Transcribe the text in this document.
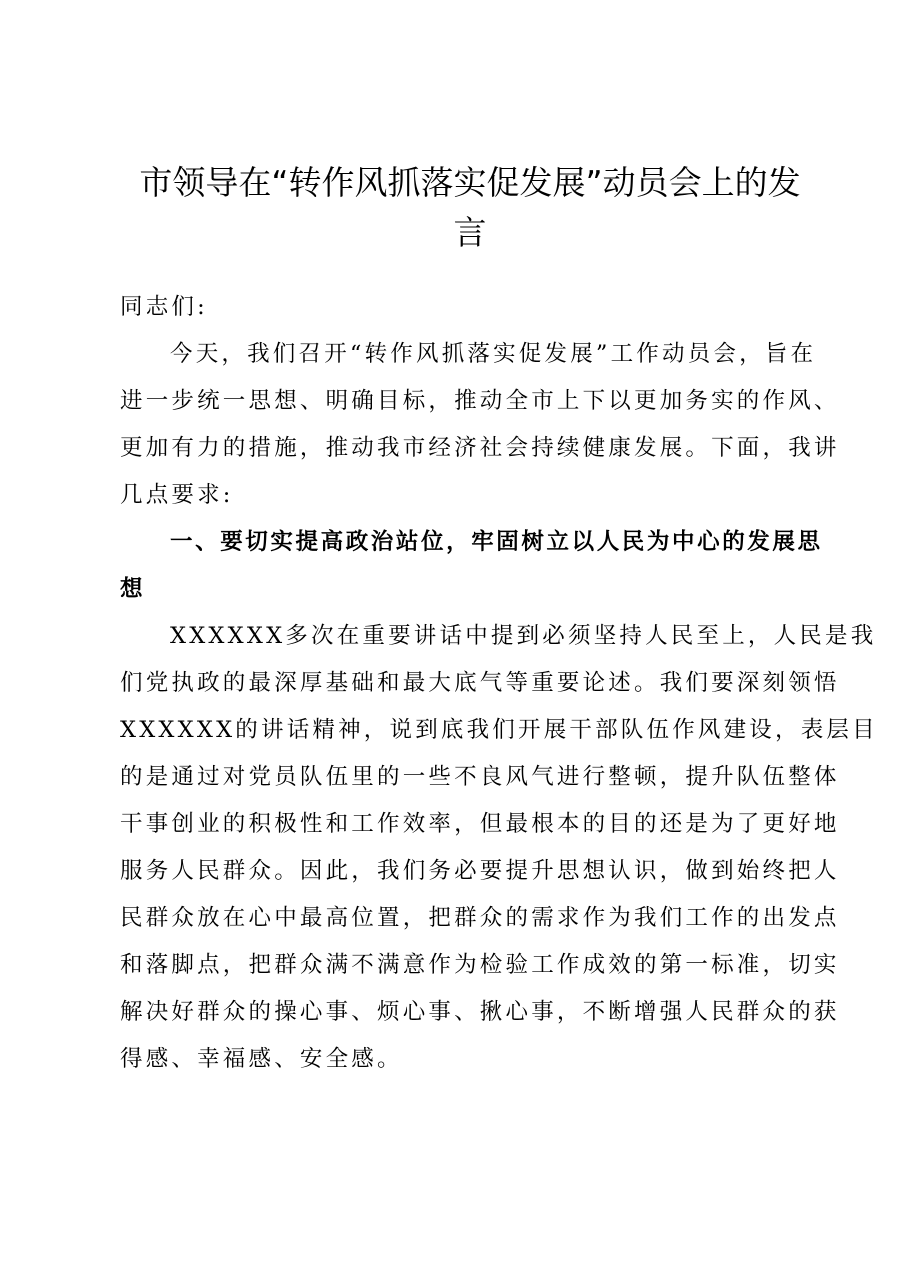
市领导在“转作风抓落实促发展”动员会上的发
言

同志们:

今天，我们召开“转作风抓落实促发展”工作动员会，旨在
进一步统一思想、明确目标，推动全市上下以更加务实的作风、
更加有力的措施，推动我市经济社会持续健康发展。下面，我讲
几点要求:

一、要切实提高政治站位，牢固树立以人民为中心的发展思
想

XXXXXX多次在重要讲话中提到必须坚持人民至上，人民是我
们党执政的最深厚基础和最大底气等重要论述。我们要深刻领悟
XXXXXX的讲话精神，说到底我们开展干部队伍作风建设，表层目
的是通过对党员队伍里的一些不良风气进行整顿，提升队伍整体
干事创业的积极性和工作效率，但最根本的目的还是为了更好地
服务人民群众。因此，我们务必要提升思想认识，做到始终把人
民群众放在心中最高位置，把群众的需求作为我们工作的出发点
和落脚点，把群众满不满意作为检验工作成效的第一标准，切实
解决好群众的操心事、烦心事、揪心事，不断增强人民群众的获
得感、幸福感、安全感。
